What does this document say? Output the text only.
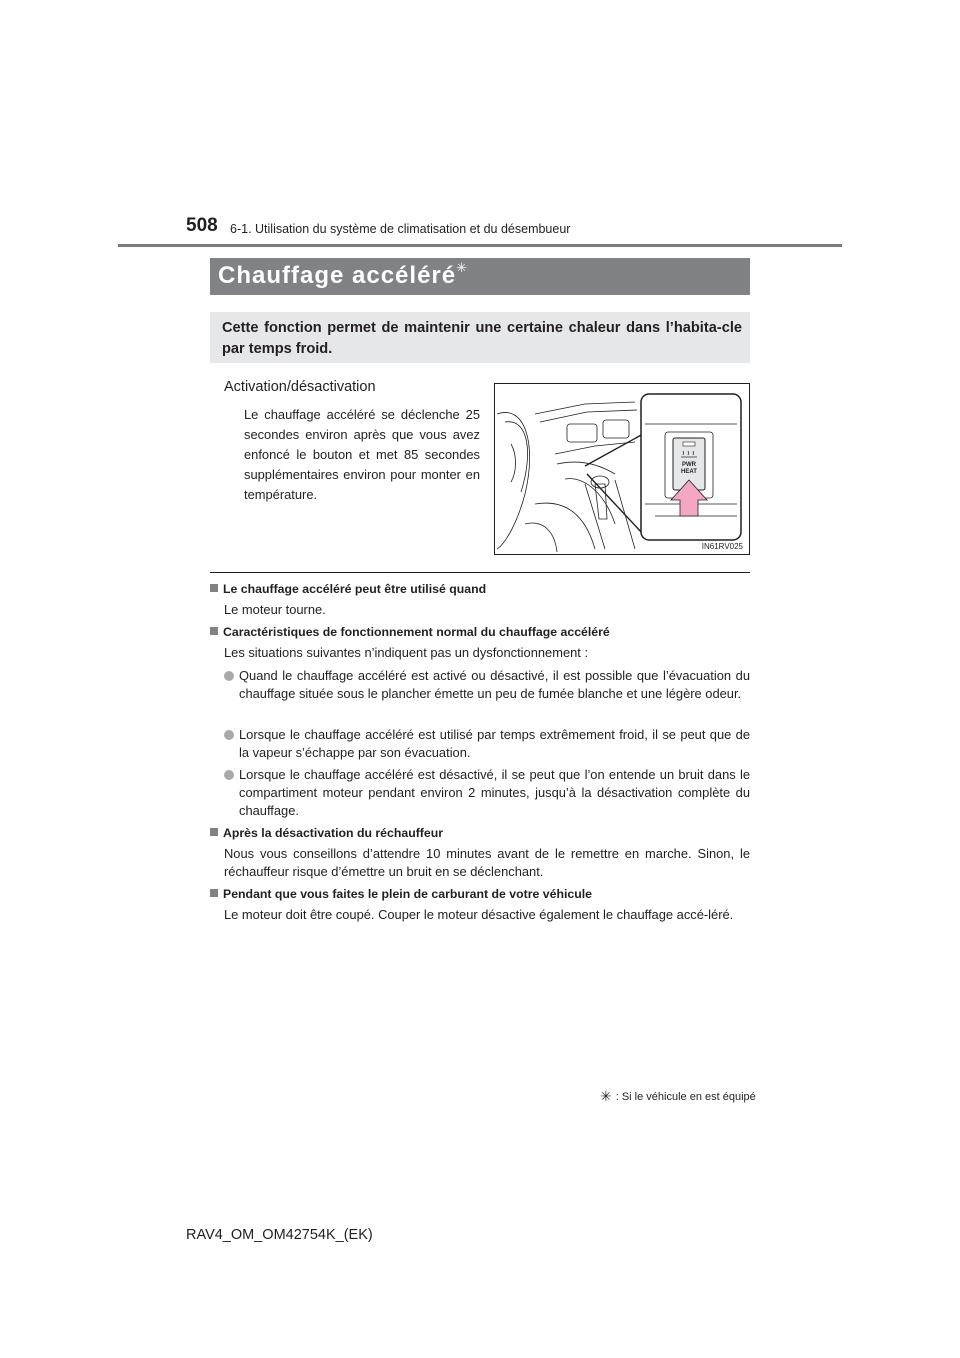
508 6-1. Utilisation du système de climatisation et du désembueur
Chauffage accéléré✳
Cette fonction permet de maintenir une certaine chaleur dans l’habita-cle par temps froid.
Activation/désactivation
Le chauffage accéléré se déclenche 25 secondes environ après que vous avez enfoncé le bouton et met 85 secondes supplémentaires environ pour monter en température.
PWR
HEAT
IN61RV025
Le chauffage accéléré peut être utilisé quand
Le moteur tourne.
Caractéristiques de fonctionnement normal du chauffage accéléré
Les situations suivantes n’indiquent pas un dysfonctionnement :
Quand le chauffage accéléré est activé ou désactivé, il est possible que l’évacuation du chauffage située sous le plancher émette un peu de fumée blanche et une légère odeur.
Lorsque le chauffage accéléré est utilisé par temps extrêmement froid, il se peut que de la vapeur s’échappe par son évacuation.
Lorsque le chauffage accéléré est désactivé, il se peut que l’on entende un bruit dans le compartiment moteur pendant environ 2 minutes, jusqu’à la désactivation complète du chauffage.
Après la désactivation du réchauffeur
Nous vous conseillons d’attendre 10 minutes avant de le remettre en marche. Sinon, le réchauffeur risque d’émettre un bruit en se déclenchant.
Pendant que vous faites le plein de carburant de votre véhicule
Le moteur doit être coupé. Couper le moteur désactive également le chauffage accé-léré.
✳ : Si le véhicule en est équipé
RAV4_OM_OM42754K_(EK)
